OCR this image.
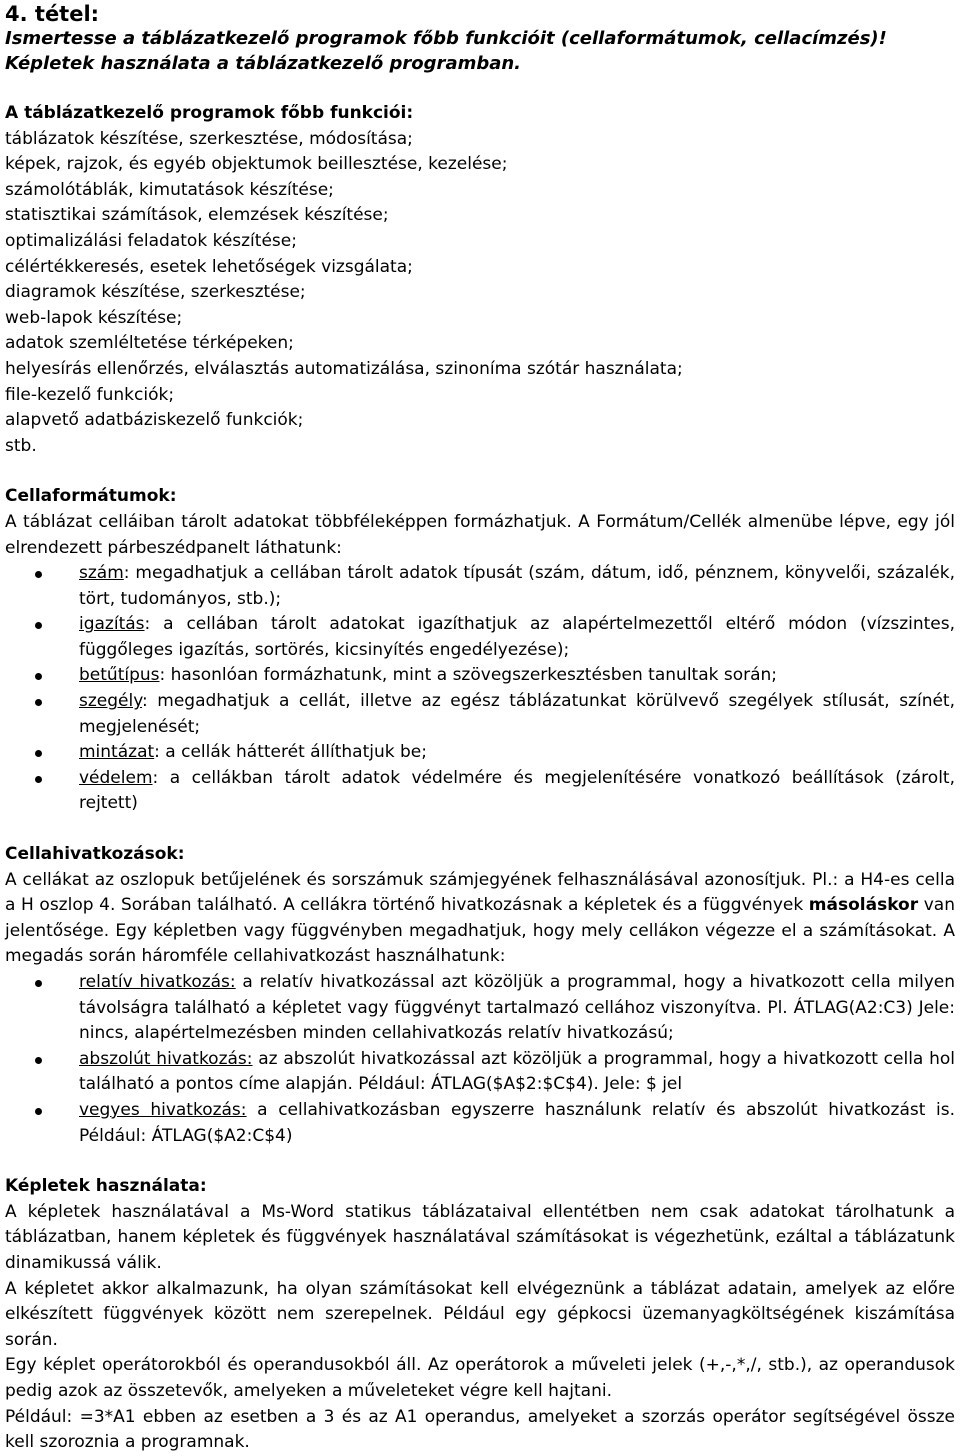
4. tétel:
Ismertesse a táblázatkezelő programok főbb funkcióit (cellaformátumok, cellacímzés)!
Képletek használata a táblázatkezelő programban.
A táblázatkezelő programok főbb funkciói:
táblázatok készítése, szerkesztése, módosítása;
képek, rajzok, és egyéb objektumok beillesztése, kezelése;
számolótáblák, kimutatások készítése;
statisztikai számítások, elemzések készítése;
optimalizálási feladatok készítése;
célértékkeresés, esetek lehetőségek vizsgálata;
diagramok készítése, szerkesztése;
web-lapok készítése;
adatok szemléltetése térképeken;
helyesírás ellenőrzés, elválasztás automatizálása, szinoníma szótár használata;
file-kezelő funkciók;
alapvető adatbáziskezelő funkciók;
stb.
Cellaformátumok:
A táblázat celláiban tárolt adatokat többféleképpen formázhatjuk. A Formátum/Cellék almenübe lépve, egy jól elrendezett párbeszédpanelt láthatunk:
szám: megadhatjuk a cellában tárolt adatok típusát (szám, dátum, idő, pénznem, könyvelői, százalék, tört, tudományos, stb.);
igazítás: a cellában tárolt adatokat igazíthatjuk az alapértelmezettől eltérő módon (vízszintes, függőleges igazítás, sortörés, kicsinyítés engedélyezése);
betűtípus: hasonlóan formázhatunk, mint a szövegszerkesztésben tanultak során;
szegély: megadhatjuk a cellát, illetve az egész táblázatunkat körülvevő szegélyek stílusát, színét, megjelenését;
mintázat: a cellák hátterét állíthatjuk be;
védelem: a cellákban tárolt adatok védelmére és megjelenítésére vonatkozó beállítások (zárolt, rejtett)
Cellahivatkozások:
A cellákat az oszlopuk betűjelének és sorszámuk számjegyének felhasználásával azonosítjuk. Pl.: a H4-es cella a H oszlop 4. Sorában található. A cellákra történő hivatkozásnak a képletek és a függvények másoláskor van jelentősége. Egy képletben vagy függvényben megadhatjuk, hogy mely cellákon végezze el a számításokat. A megadás során háromféle cellahivatkozást használhatunk:
relatív hivatkozás: a relatív hivatkozással azt közöljük a programmal, hogy a hivatkozott cella milyen távolságra található a képletet vagy függvényt tartalmazó cellához viszonyítva. Pl. ÁTLAG(A2:C3) Jele: nincs, alapértelmezésben minden cellahivatkozás relatív hivatkozású;
abszolút hivatkozás: az abszolút hivatkozással azt közöljük a programmal, hogy a hivatkozott cella hol található a pontos címe alapján. Például: ÁTLAG($A$2:$C$4). Jele: $ jel
vegyes hivatkozás: a cellahivatkozásban egyszerre használunk relatív és abszolút hivatkozást is. Például: ÁTLAG($A2:C$4)
Képletek használata:
A képletek használatával a Ms-Word statikus táblázataival ellentétben nem csak adatokat tárolhatunk a táblázatban, hanem képletek és függvények használatával számításokat is végezhetünk, ezáltal a táblázatunk dinamikussá válik.
A képletet akkor alkalmazunk, ha olyan számításokat kell elvégeznünk a táblázat adatain, amelyek az előre elkészített függvények között nem szerepelnek. Például egy gépkocsi üzemanyagköltségének kiszámítása során.
Egy képlet operátorokból és operandusokból áll. Az operátorok a műveleti jelek (+,-,*,/, stb.), az operandusok pedig azok az összetevők, amelyeken a műveleteket végre kell hajtani.
Például: =3*A1 ebben az esetben a 3 és az A1 operandus, amelyeket a szorzás operátor segítségével össze kell szoroznia a programnak.
